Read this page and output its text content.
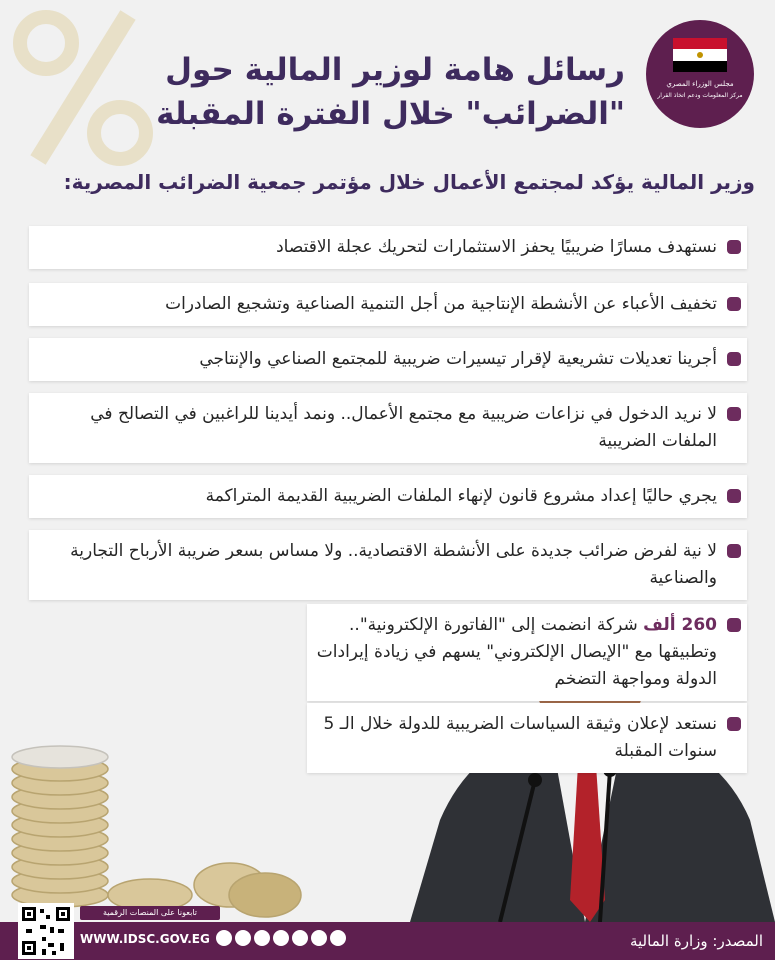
مجلس الوزراء المصري
مركز المعلومات ودعم اتخاذ القرار
رسائل هامة لوزير المالية حول
"الضرائب" خلال الفترة المقبلة
وزير المالية يؤكد لمجتمع الأعمال خلال مؤتمر جمعية الضرائب المصرية:
نستهدف مسارًا ضريبيًا يحفز الاستثمارات لتحريك عجلة الاقتصاد
تخفيف الأعباء عن الأنشطة الإنتاجية من أجل التنمية الصناعية وتشجيع الصادرات
أجرينا تعديلات تشريعية لإقرار تيسيرات ضريبية للمجتمع الصناعي والإنتاجي
لا نريد الدخول في نزاعات ضريبية مع مجتمع الأعمال.. ونمد أيدينا للراغبين في التصالح في الملفات الضريبية
يجري حاليًا إعداد مشروع قانون لإنهاء الملفات الضريبية القديمة المتراكمة
لا نية لفرض ضرائب جديدة على الأنشطة الاقتصادية.. ولا مساس بسعر ضريبة الأرباح التجارية والصناعية
260 ألف شركة انضمت إلى "الفاتورة الإلكترونية".. وتطبيقها مع "الإيصال الإلكتروني" يسهم في زيادة إيرادات الدولة ومواجهة التضخم
نستعد لإعلان وثيقة السياسات الضريبية للدولة خلال الـ 5 سنوات المقبلة
تابعونا على المنصات الرقمية
WWW.IDSC.GOV.EG	المصدر: وزارة المالية
